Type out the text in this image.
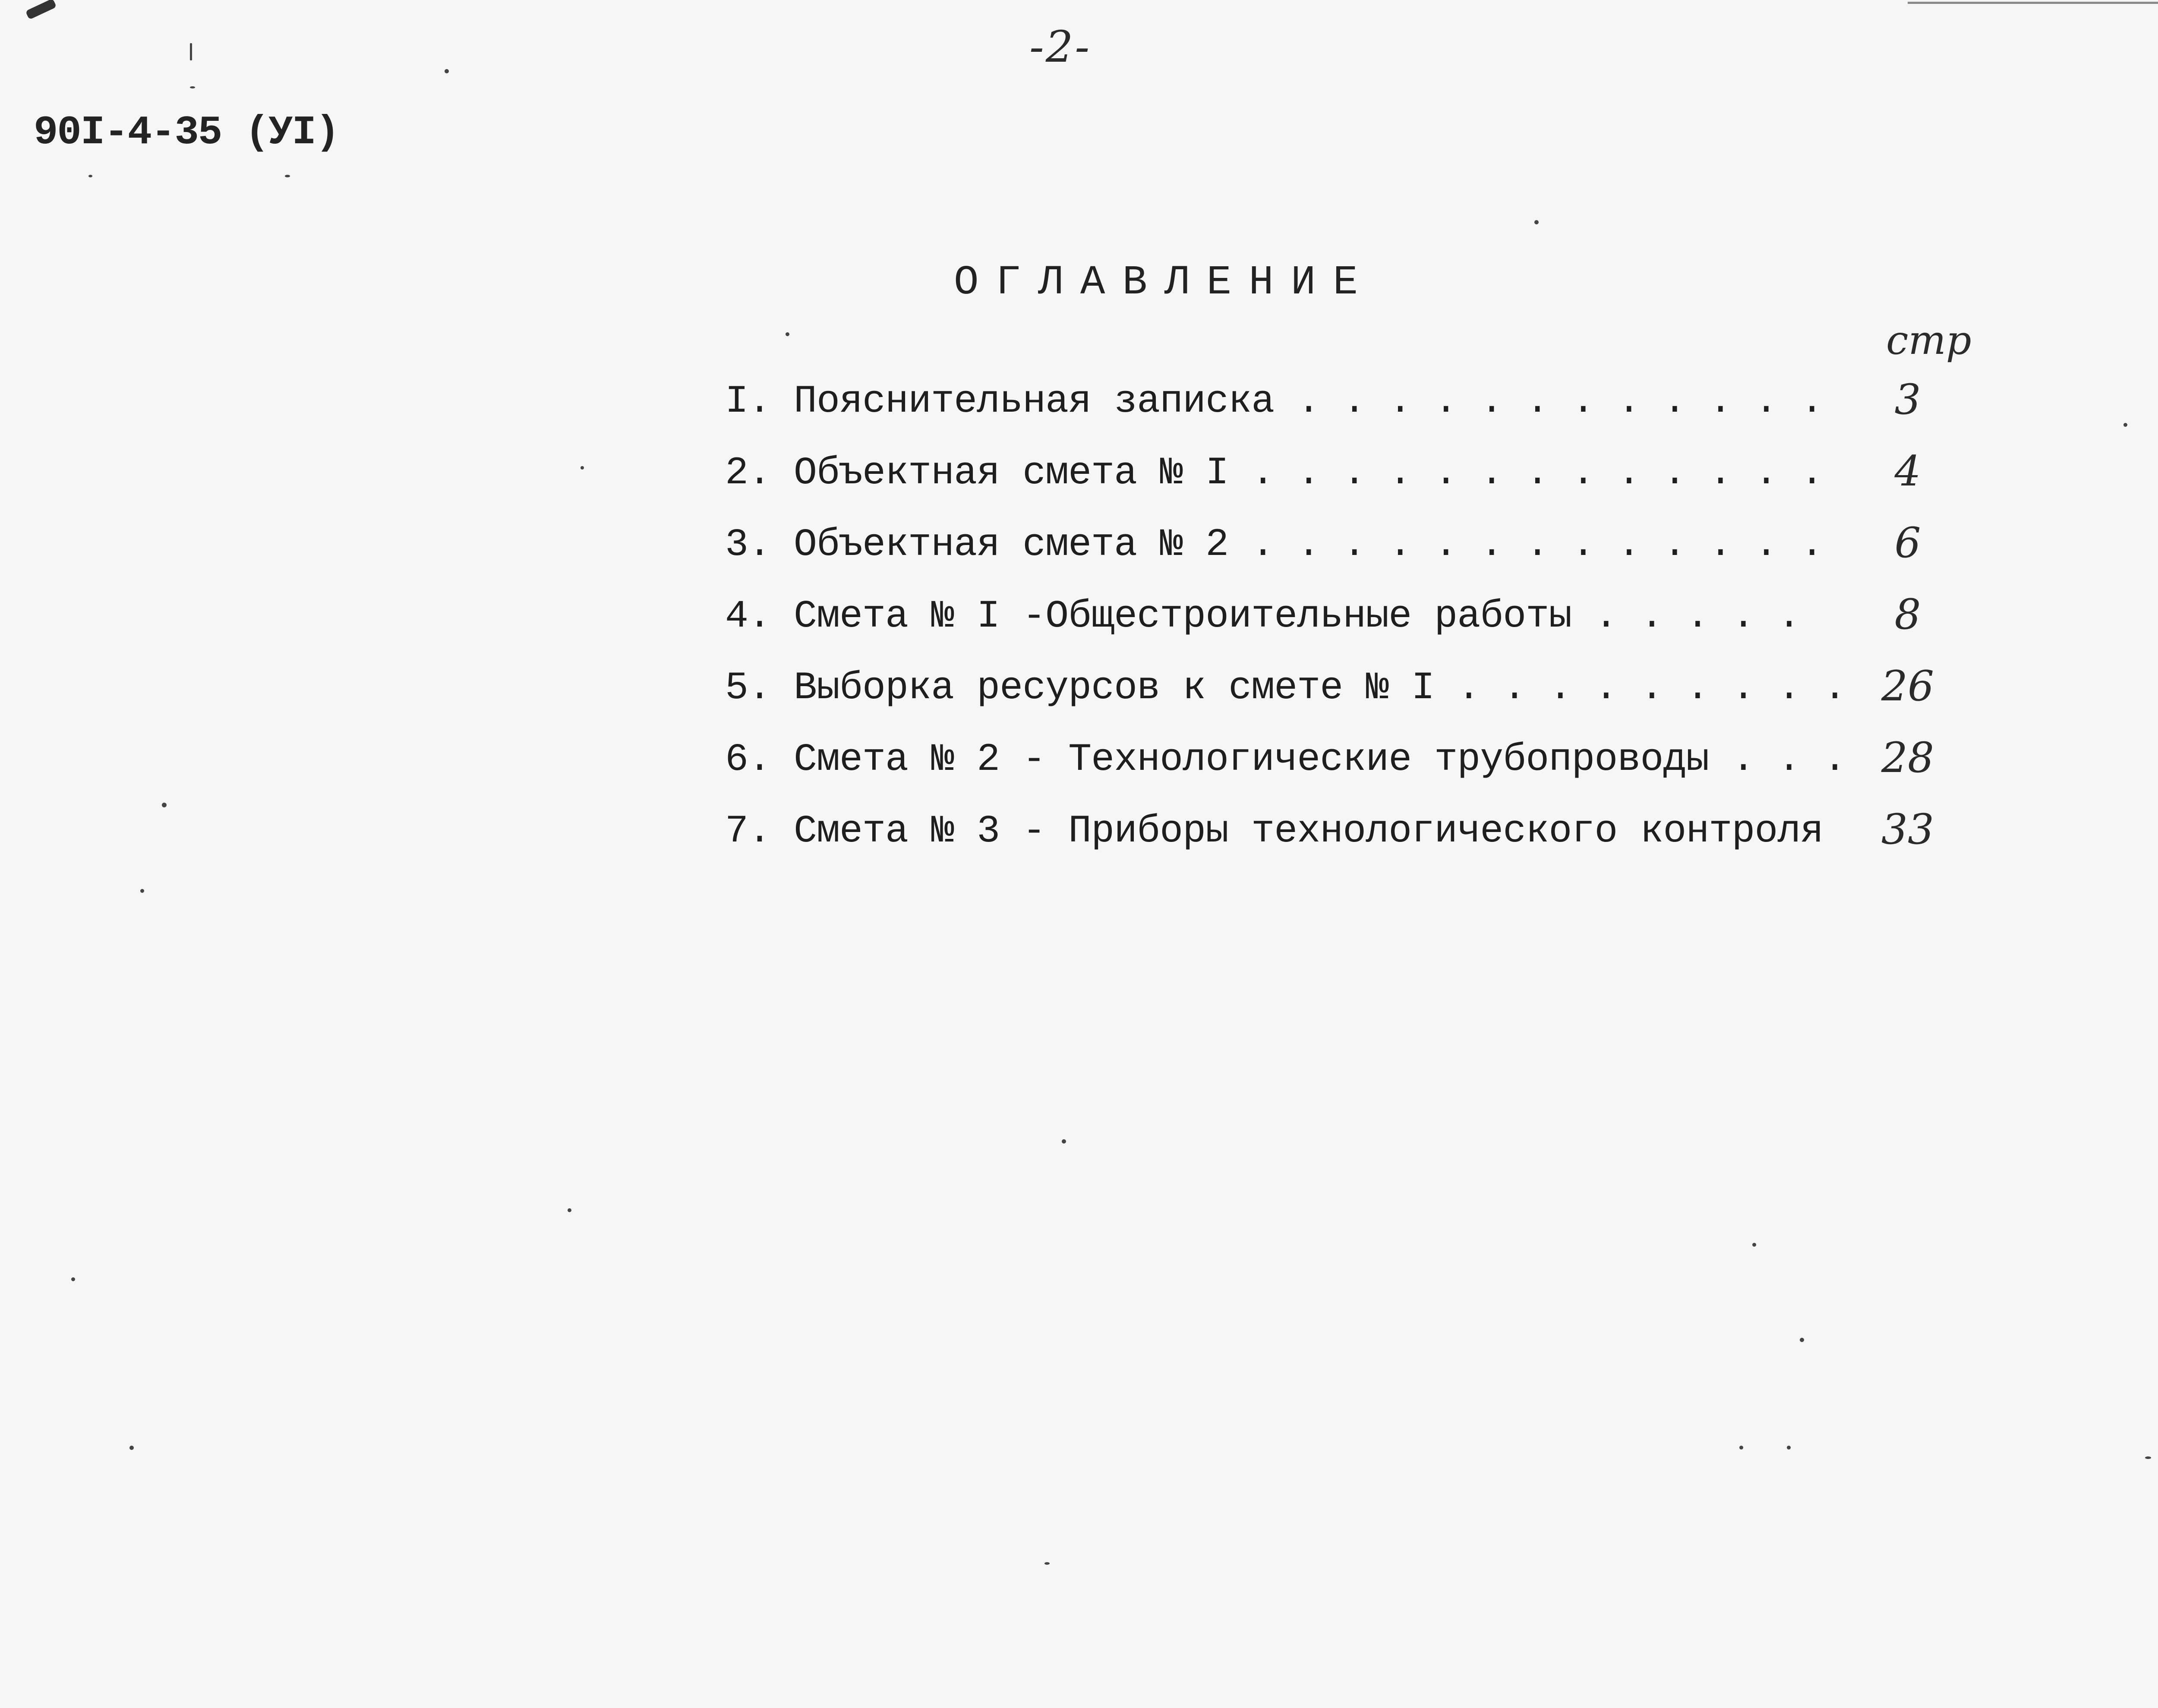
-2-
90I-4-35 (УI)
ОГЛАВЛЕНИЕ
стр
I. Пояснительная записка . . . . . . . . . . . .	3
2. Объектная смета № I . . . . . . . . . . . . .	4
3. Объектная смета № 2 . . . . . . . . . . . . .	6
4. Смета № I -Общестроительные работы . . . . .	8
5. Выборка ресурсов к смете № I . . . . . . . . . 26
6. Смета № 2 - Технологические трубопроводы . . . 28
7. Смета № 3 - Приборы технологического контроля	33
